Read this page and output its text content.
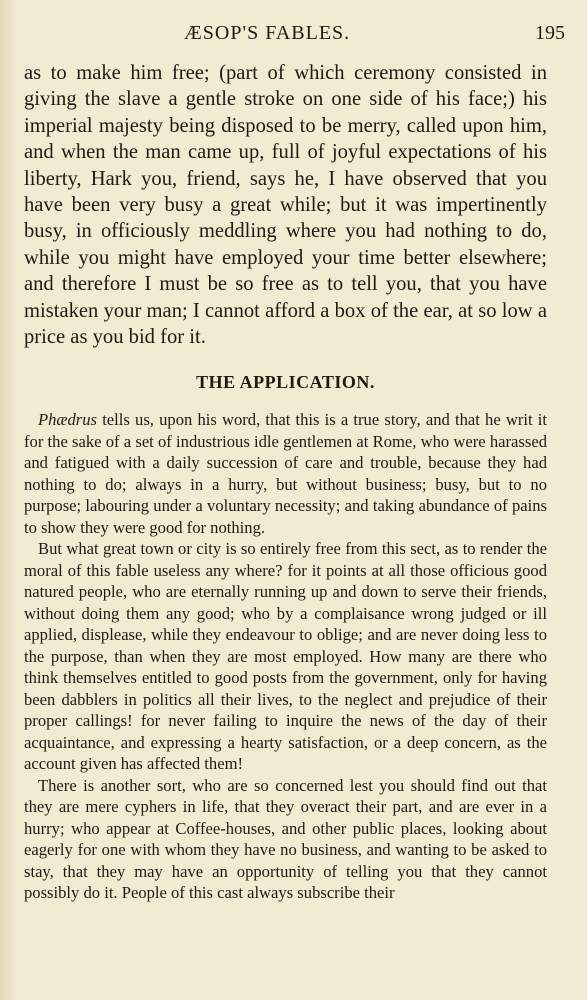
ÆSOP'S FABLES.	195

as to make him free; (part of which ceremony consisted in giving the slave a gentle stroke on one side of his face;) his imperial majesty being disposed to be merry, called upon him, and when the man came up, full of joyful expectations of his liberty, Hark you, friend, says he, I have observed that you have been very busy a great while; but it was impertinently busy, in officiously meddling where you had nothing to do, while you might have employed your time better elsewhere; and therefore I must be so free as to tell you, that you have mistaken your man; I cannot afford a box of the ear, at so low a price as you bid for it.

THE APPLICATION.

Phædrus tells us, upon his word, that this is a true story, and that he writ it for the sake of a set of industrious idle gentlemen at Rome, who were harassed and fatigued with a daily succession of care and trouble, because they had nothing to do; always in a hurry, but without business; busy, but to no purpose; labouring under a voluntary necessity; and taking abundance of pains to show they were good for nothing.

But what great town or city is so entirely free from this sect, as to render the moral of this fable useless any where? for it points at all those officious good natured people, who are eternally running up and down to serve their friends, without doing them any good; who by a complaisance wrong judged or ill applied, displease, while they endeavour to oblige; and are never doing less to the purpose, than when they are most employed. How many are there who think themselves entitled to good posts from the government, only for having been dabblers in politics all their lives, to the neglect and prejudice of their proper callings! for never failing to inquire the news of the day of their acquaintance, and expressing a hearty satisfaction, or a deep concern, as the account given has affected them!

There is another sort, who are so concerned lest you should find out that they are mere cyphers in life, that they overact their part, and are ever in a hurry; who appear at Coffee-houses, and other public places, looking about eagerly for one with whom they have no business, and wanting to be asked to stay, that they may have an opportunity of telling you that they cannot possibly do it. People of this cast always subscribe their
